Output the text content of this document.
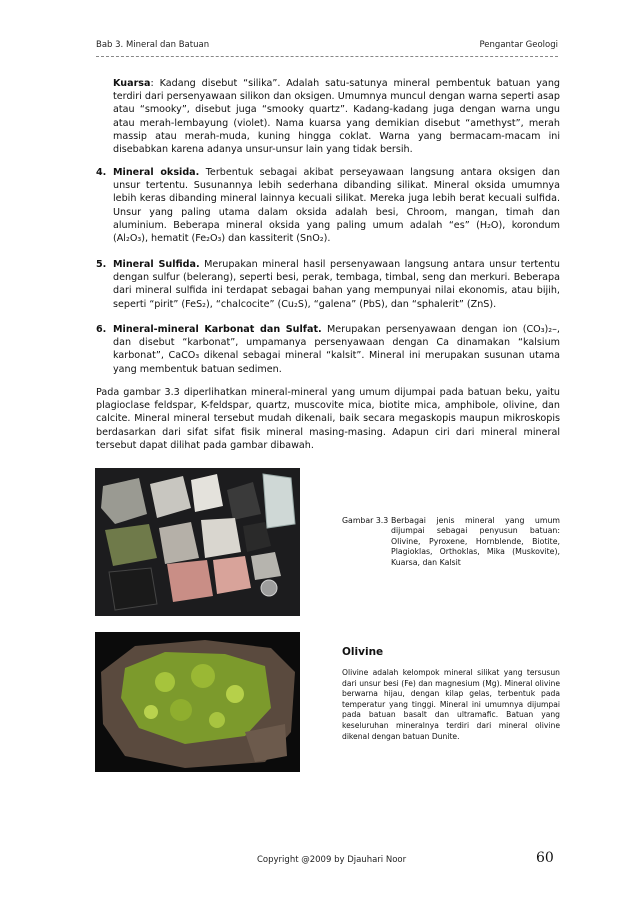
Bab 3. Mineral dan Batuan	Pengantar Geologi
Kuarsa: Kadang disebut “silika”. Adalah satu-satunya mineral pembentuk batuan yang terdiri dari persenyawaan silikon dan oksigen. Umumnya muncul dengan warna seperti asap atau “smooky”, disebut juga “smooky quartz”. Kadang-kadang juga dengan warna ungu atau merah-lembayung (violet). Nama kuarsa yang demikian disebut “amethyst”, merah massip atau merah-muda, kuning hingga coklat. Warna yang bermacam-macam ini disebabkan karena adanya unsur-unsur lain yang tidak bersih.
4. Mineral oksida. Terbentuk sebagai akibat perseyawaan langsung antara oksigen dan unsur tertentu. Susunannya lebih sederhana dibanding silikat. Mineral oksida umumnya lebih keras dibanding mineral lainnya kecuali silikat. Mereka juga lebih berat kecuali sulfida. Unsur yang paling utama dalam oksida adalah besi, Chroom, mangan, timah dan aluminium. Beberapa mineral oksida yang paling umum adalah “es” (H₂O), korondum (Al₂O₃), hematit (Fe₂O₃) dan kassiterit (SnO₂).
5. Mineral Sulfida. Merupakan mineral hasil persenyawaan langsung antara unsur tertentu dengan sulfur (belerang), seperti besi, perak, tembaga, timbal, seng dan merkuri. Beberapa dari mineral sulfida ini terdapat sebagai bahan yang mempunyai nilai ekonomis, atau bijih, seperti “pirit” (FeS₂), “chalcocite” (Cu₂S), “galena” (PbS), dan “sphalerit” (ZnS).
6. Mineral-mineral Karbonat dan Sulfat. Merupakan persenyawaan dengan ion (CO₃)₂–, dan disebut “karbonat”, umpamanya persenyawaan dengan Ca dinamakan “kalsium karbonat”, CaCO₃ dikenal sebagai mineral “kalsit”. Mineral ini merupakan susunan utama yang membentuk batuan sedimen.
Pada gambar 3.3 diperlihatkan mineral-mineral yang umum dijumpai pada batuan beku, yaitu plagioclase feldspar, K-feldspar, quartz, muscovite mica, biotite mica, amphibole, olivine, dan calcite. Mineral mineral tersebut mudah dikenali, baik secara megaskopis maupun mikroskopis berdasarkan dari sifat sifat fisik mineral masing-masing. Adapun ciri dari mineral mineral tersebut dapat dilihat pada gambar dibawah.
Gambar 3.3 Berbagai jenis mineral yang umum dijumpai sebagai penyusun batuan: Olivine, Pyroxene, Hornblende, Biotite, Plagioklas, Orthoklas, Mika (Muskovite), Kuarsa, dan Kalsit
Olivine
Olivine adalah kelompok mineral silikat yang tersusun dari unsur besi (Fe) dan magnesium (Mg). Mineral olivine berwarna hijau, dengan kilap gelas, terbentuk pada temperatur yang tinggi. Mineral ini umumnya dijumpai pada batuan basalt dan ultramafic. Batuan yang keseluruhan mineralnya terdiri dari mineral olivine dikenal dengan batuan Dunite.
Copyright @2009 by Djauhari Noor	60
